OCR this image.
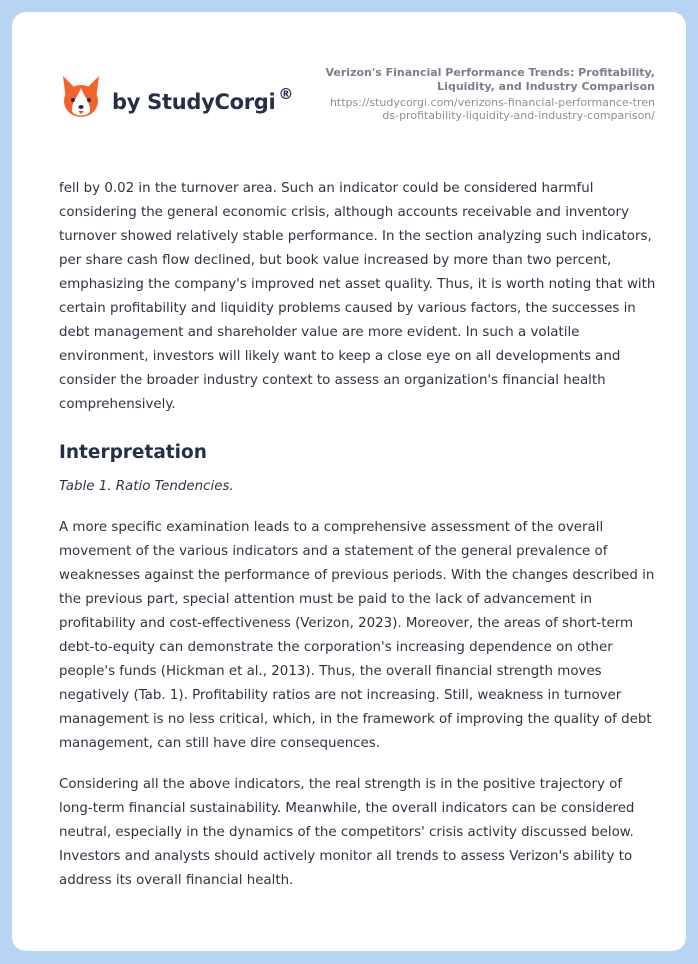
by StudyCorgi ®
Verizon's Financial Performance Trends: Profitability, Liquidity, and Industry Comparison
https://studycorgi.com/verizons-financial-performance-trends-profitability-liquidity-and-industry-comparison/

fell by 0.02 in the turnover area. Such an indicator could be considered harmful considering the general economic crisis, although accounts receivable and inventory turnover showed relatively stable performance. In the section analyzing such indicators, per share cash flow declined, but book value increased by more than two percent, emphasizing the company's improved net asset quality. Thus, it is worth noting that with certain profitability and liquidity problems caused by various factors, the successes in debt management and shareholder value are more evident. In such a volatile environment, investors will likely want to keep a close eye on all developments and consider the broader industry context to assess an organization's financial health comprehensively.

Interpretation

Table 1. Ratio Tendencies.

A more specific examination leads to a comprehensive assessment of the overall movement of the various indicators and a statement of the general prevalence of weaknesses against the performance of previous periods. With the changes described in the previous part, special attention must be paid to the lack of advancement in profitability and cost-effectiveness (Verizon, 2023). Moreover, the areas of short-term debt-to-equity can demonstrate the corporation's increasing dependence on other people's funds (Hickman et al., 2013). Thus, the overall financial strength moves negatively (Tab. 1). Profitability ratios are not increasing. Still, weakness in turnover management is no less critical, which, in the framework of improving the quality of debt management, can still have dire consequences.

Considering all the above indicators, the real strength is in the positive trajectory of long-term financial sustainability. Meanwhile, the overall indicators can be considered neutral, especially in the dynamics of the competitors' crisis activity discussed below. Investors and analysts should actively monitor all trends to assess Verizon's ability to address its overall financial health.
